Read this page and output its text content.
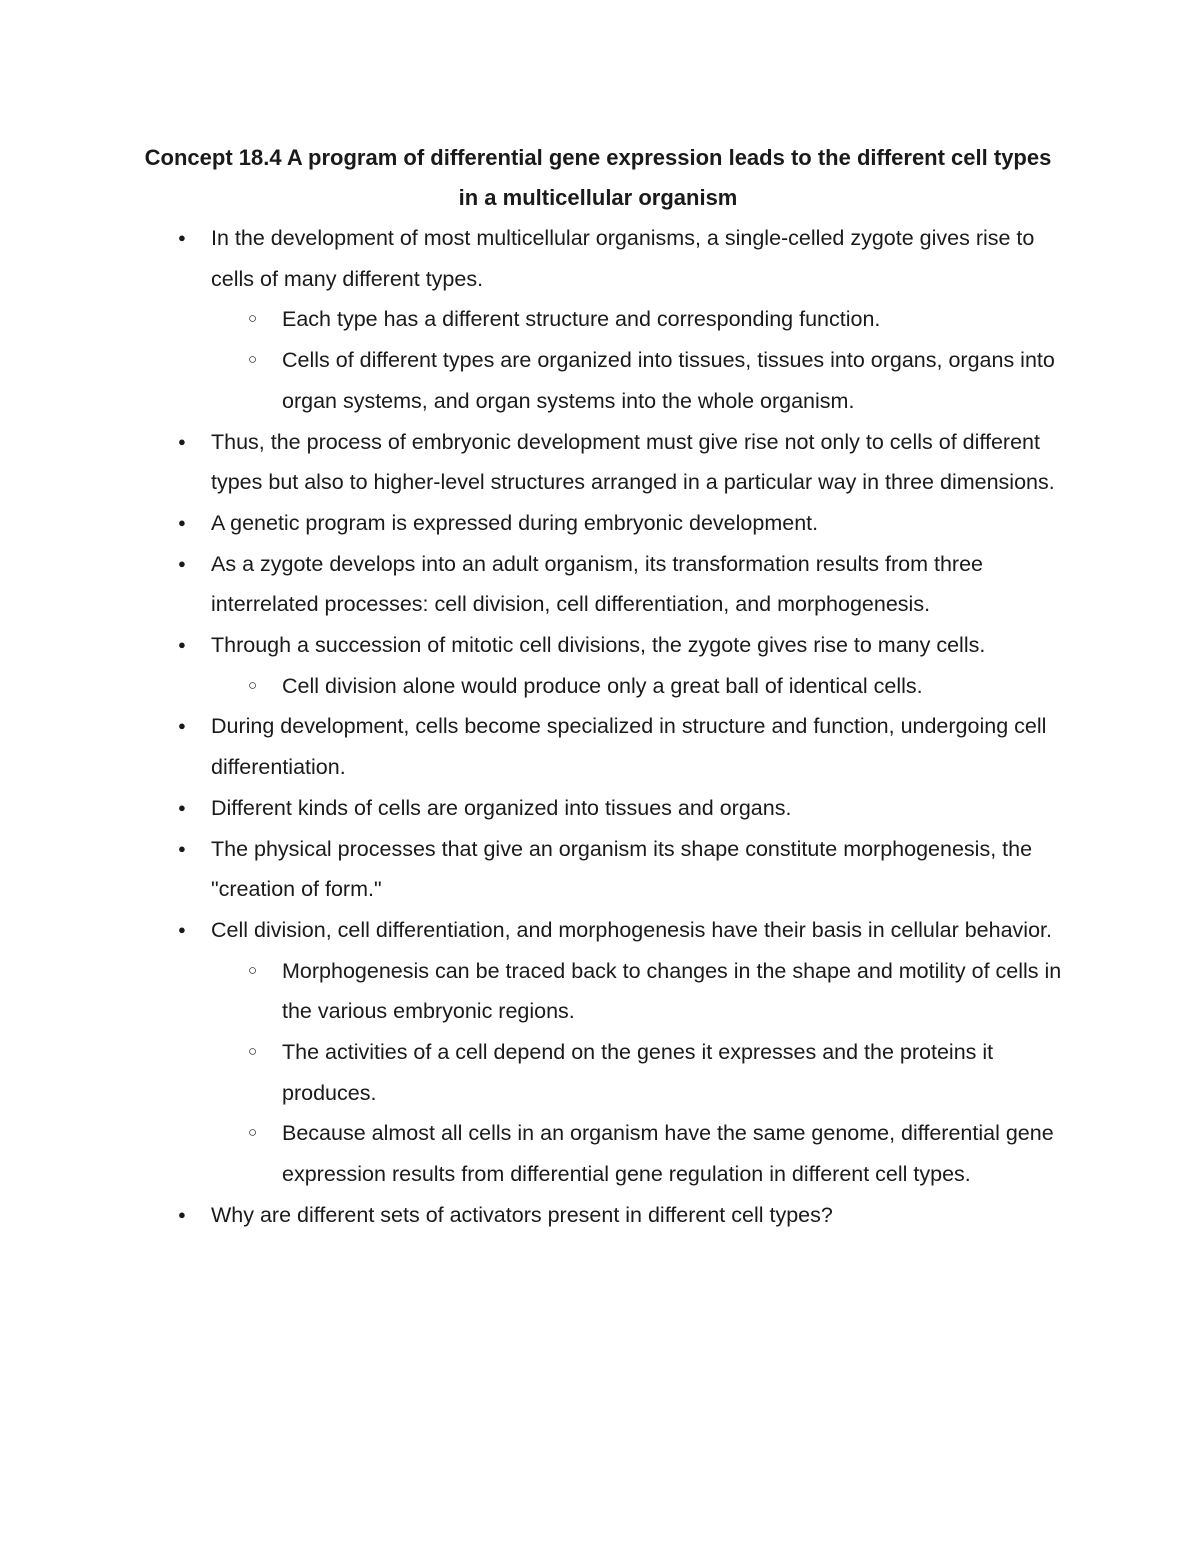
Concept 18.4 A program of differential gene expression leads to the different cell types in a multicellular organism
● In the development of most multicellular organisms, a single-celled zygote gives rise to cells of many different types.
○ Each type has a different structure and corresponding function.
○ Cells of different types are organized into tissues, tissues into organs, organs into organ systems, and organ systems into the whole organism.
● Thus, the process of embryonic development must give rise not only to cells of different types but also to higher-level structures arranged in a particular way in three dimensions.
● A genetic program is expressed during embryonic development.
● As a zygote develops into an adult organism, its transformation results from three interrelated processes: cell division, cell differentiation, and morphogenesis.
● Through a succession of mitotic cell divisions, the zygote gives rise to many cells.
○ Cell division alone would produce only a great ball of identical cells.
● During development, cells become specialized in structure and function, undergoing cell differentiation.
● Different kinds of cells are organized into tissues and organs.
● The physical processes that give an organism its shape constitute morphogenesis, the "creation of form."
● Cell division, cell differentiation, and morphogenesis have their basis in cellular behavior.
○ Morphogenesis can be traced back to changes in the shape and motility of cells in the various embryonic regions.
○ The activities of a cell depend on the genes it expresses and the proteins it produces.
○ Because almost all cells in an organism have the same genome, differential gene expression results from differential gene regulation in different cell types.
● Why are different sets of activators present in different cell types?
